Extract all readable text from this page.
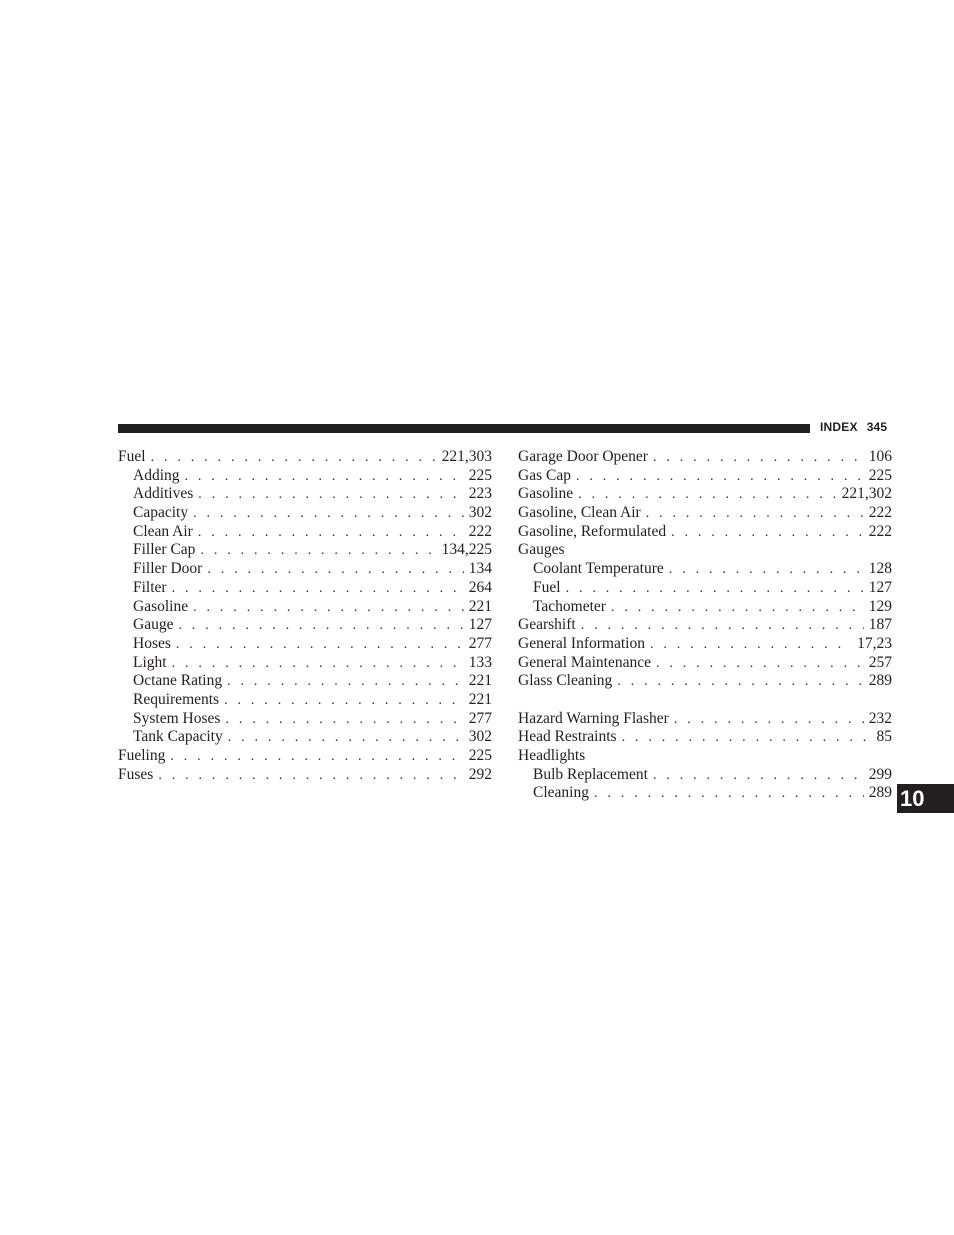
INDEX 345
Fuel . . .	221,303
Adding . . .	225
Additives . . .	223
Capacity . . .	302
Clean Air . . .	222
Filler Cap . . .	134,225
Filler Door . . .	134
Filter . . .	264
Gasoline . . .	221
Gauge . . .	127
Hoses . . .	277
Light . . .	133
Octane Rating . . .	221
Requirements . . .	221
System Hoses . . .	277
Tank Capacity . . .	302
Fueling . . .	225
Fuses . . .	292
Garage Door Opener . . .	106
Gas Cap . . .	225
Gasoline . . .	221,302
Gasoline, Clean Air . . .	222
Gasoline, Reformulated . . .	222
Gauges
Coolant Temperature . . .	128
Fuel . . .	127
Tachometer . . .	129
Gearshift . . .	187
General Information . . .	17,23
General Maintenance . . .	257
Glass Cleaning . . .	289
Hazard Warning Flasher . . .	232
Head Restraints . . .	85
Headlights
Bulb Replacement . . .	299
Cleaning . . .	289 10
